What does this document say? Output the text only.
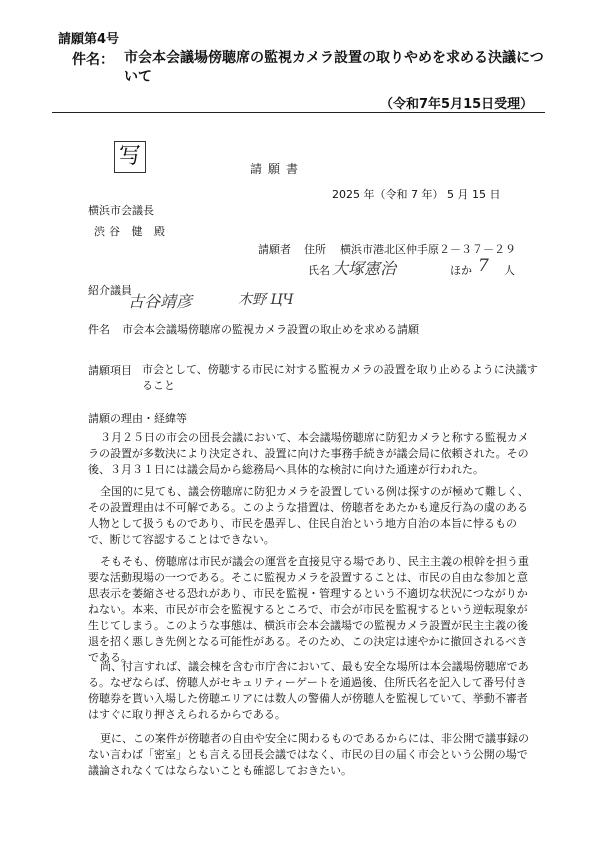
請願第4号
件名： 市会本会議場傍聴席の監視カメラ設置の取りやめを求める決議について
（令和7年5月15日受理）
写	請願書
2025 年（令和 7 年） 5 月 15 日
横浜市会議長
渋谷 健 殿
請願者 住所 横浜市港北区仲手原２－３７－２９
氏名 大塚憲治	ほか 7 人
紹介議員
古谷靖彦	木野 ЦЧ
件名 市会本会議場傍聴席の監視カメラ設置の取止めを求める請願
請願項目 市会として、傍聴する市民に対する監視カメラの設置を取り止めるように決議すること
請願の理由・経緯等
３月２５日の市会の団長会議において、本会議場傍聴席に防犯カメラと称する監視カメラの設置が多数決により決定され、設置に向けた事務手続きが議会局に依頼された。その後、３月３１日には議会局から総務局へ具体的な検討に向けた通達が行われた。
全国的に見ても、議会傍聴席に防犯カメラを設置している例は探すのが極めて難しく、その設置理由は不可解である。このような措置は、傍聴者をあたかも違反行為の虞のある人物として扱うものであり、市民を愚弄し、住民自治という地方自治の本旨に悖るもので、断じて容認することはできない。
そもそも、傍聴席は市民が議会の運営を直接見守る場であり、民主主義の根幹を担う重要な活動現場の一つである。そこに監視カメラを設置することは、市民の自由な参加と意思表示を萎縮させる恐れがあり、市民を監視・管理するという不適切な状況につながりかねない。本来、市民が市会を監視するところで、市会が市民を監視するという逆転現象が生じてしまう。このような事態は、横浜市会本会議場での監視カメラ設置が民主主義の後退を招く悪しき先例となる可能性がある。そのため、この決定は速やかに撤回されるべきである。
尚、付言すれば、議会棟を含む市庁舎において、最も安全な場所は本会議場傍聴席である。なぜならば、傍聴人がセキュリティーゲートを通過後、住所氏名を記入して番号付き傍聴券を貰い入場した傍聴エリアには数人の警備人が傍聴人を監視していて、挙動不審者はすぐに取り押さえられるからである。
更に、この案件が傍聴者の自由や安全に関わるものであるからには、非公開で議事録のない言わば「密室」とも言える団長会議ではなく、市民の目の届く市会という公開の場で議論されなくてはならないことも確認しておきたい。
